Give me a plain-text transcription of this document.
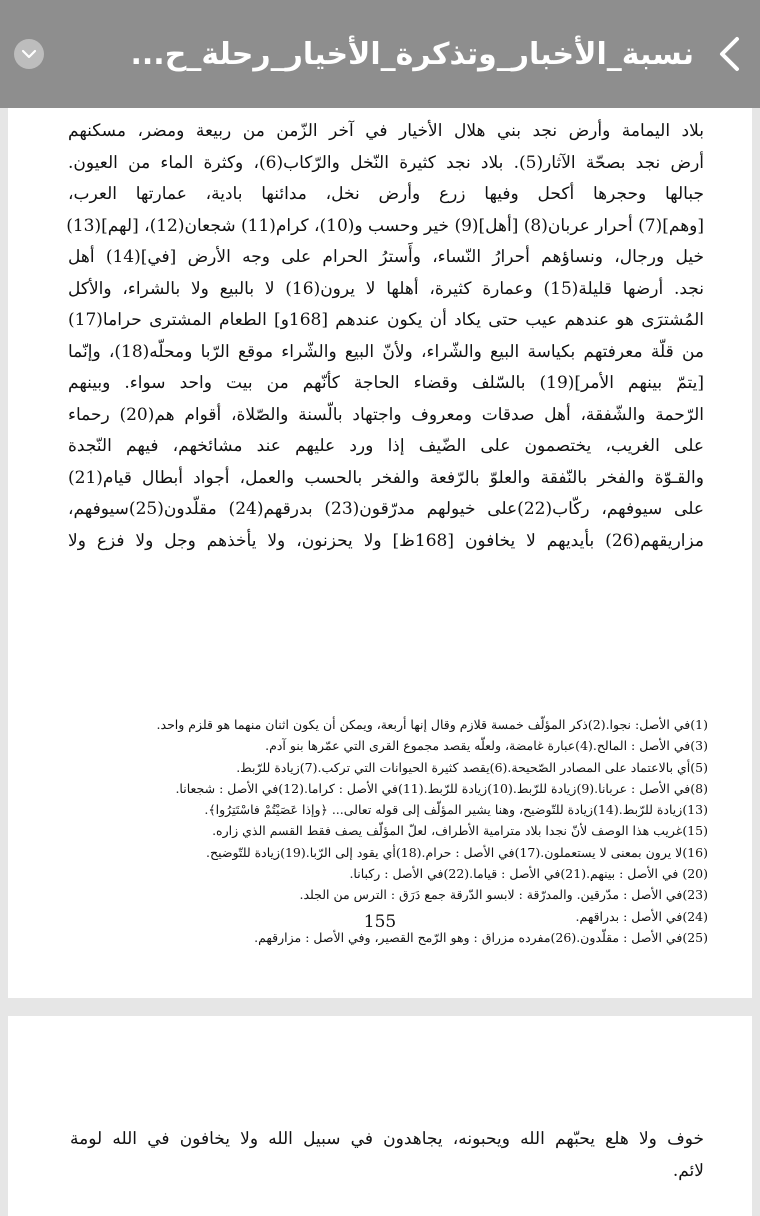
نسبة_الأخبار_وتذكرة_الأخيار_رحلة_ح...
بلاد اليمامة وأرض نجد بني هلال الأخيار في آخر الزّمن من ربيعة ومضر، مسكنهم
أرض نجد بصحّة الآثار(5). بلاد نجد كثيرة النّخل والرّكاب(6)، وكثرة الماء من العيون.
جبالها وحجرها أكحل وفيها زرع وأرض نخل، مدائنها بادية، عمارتها العرب،
[وهم](7) أحرار عربان(8) [أهل](9) خير وحسب و(10)، كرام(11) شجعان(12)، [لهم](13)
خيل ورجال، ونساؤهم أحرارُ النّساء، وأَسترُ الحرام على وجه الأرض [في](14) أهل
نجد. أرضها قليلة(15) وعمارة كثيرة، أهلها لا يرون(16) لا بالبيع ولا بالشراء، والأكل
المُشترَى هو عندهم عيب حتى يكاد أن يكون عندهم [168و] الطعام المشترى حراما(17)
من قلّة معرفتهم بكياسة البيع والشّراء، ولأنّ البيع والشّراء موقع الرّبا ومحلّه(18)، وإنّما
[يتمّ بينهم الأمر](19) بالسّلف وقضاء الحاجة كأنّهم من بيت واحد سواء. وبينهم
الرّحمة والشّفقة، أهل صدقات ومعروف واجتهاد بالّسنة والصّلاة، أقوام هم(20) رحماء
على الغريب، يختصمون على الضّيف إذا ورد عليهم عند مشائخهم، فيهم النّجدة
والقـوّة والفخر بالنّفقة والعلوّ بالرّفعة والفخر بالحسب والعمل، أجواد أبطال قيام(21)
على سيوفهم، ركّاب(22)على خيولهم مدرّقون(23) بدرقهم(24) مقلّدون(25)سيوفهم،
مزاريقهم(26) بأيديهم لا يخافون [168ظ] ولا يحزنون، ولا يأخذهم وجل ولا فزع ولا
(1)في الأصل: نجوا.(2)ذكر المؤلّف خمسة قلازم وقال إنها أربعة، ويمكن أن يكون اثنان منهما هو قلزم واحد.
(3)في الأصل : المالح.(4)عبارة غامضة، ولعلّه يقصد مجموع القرى التي عمّرها بنو آدم.
(5)أي بالاعتماد على المصادر الصّحيحة.(6)يقصد كثيرة الحيوانات التي تركب.(7)زيادة للرّبط.
(8)في الأصل : عربانا.(9)زيادة للرّبط.(10)زيادة للرّبط.(11)في الأصل : كراما.(12)في الأصل : شجعانا.
(13)زيادة للرّبط.(14)زيادة للتّوضيح، وهنا يشير المؤلّف إلى قوله تعالى... ﴿وإذا عَصَيْتُمْ فاسْتَتِرُوا﴾.
(15)غريب هذا الوصف لأنّ نجدا بلاد مترامية الأطراف، لعلّ المؤلّف يصف فقط القسم الذي زاره.
(16)لا يرون بمعنى لا يستعملون.(17)في الأصل : حرام.(18)أي يقود إلى الرّبا.(19)زيادة للتّوضيح.
(20) في الأصل : بينهم.(21)في الأصل : قياما.(22)في الأصل : ركبانا.
(23)في الأصل : مدّرقين. والمدرّقة : لابسو الدّرقة جمع دَرَق : الترس من الجلد.
(24)في الأصل : بدراقهم.
(25)في الأصل : مقلّدون.(26)مفرده مزراق : وهو الرّمح القصير، وفي الأصل : مزارقهم.
155
خوف ولا هلع يحبّهم الله ويحبونه، يجاهدون في سبيل الله ولا يخافون في الله لومة
لائم.
